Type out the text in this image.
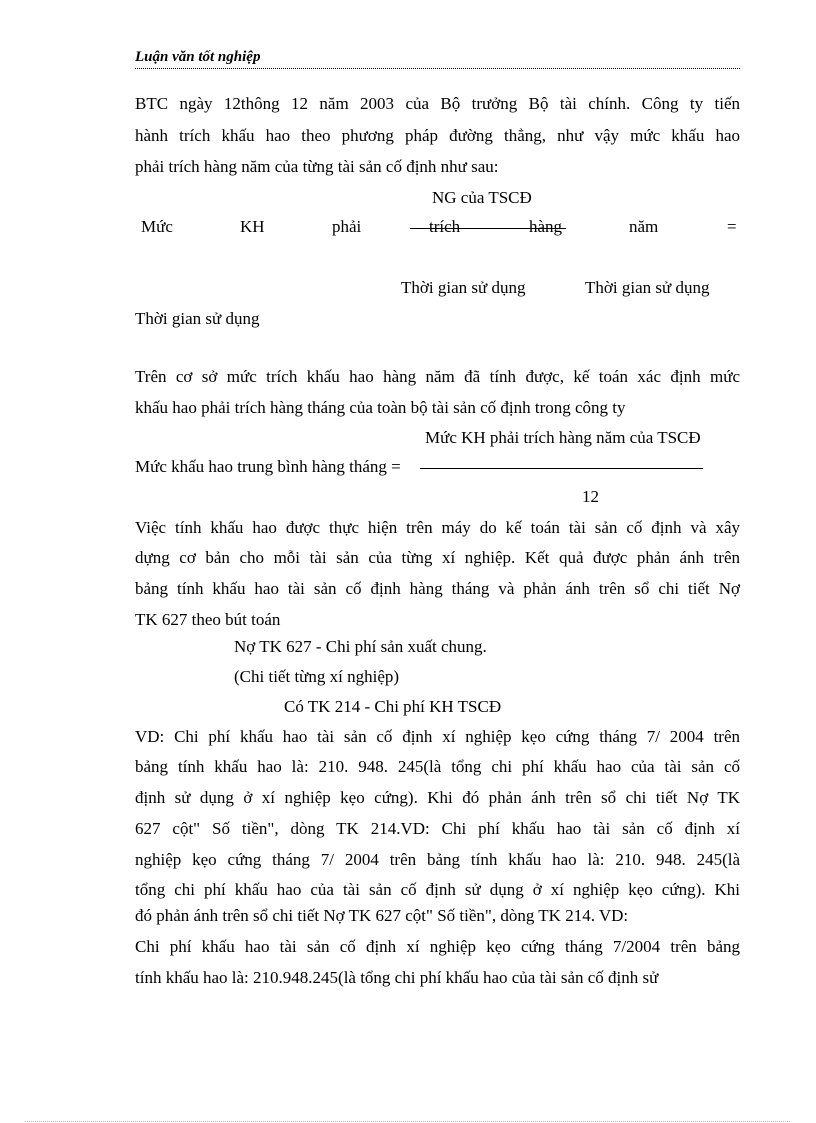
Luận văn tốt nghiệp
BTC ngày 12thông 12 năm 2003 của Bộ trưởng Bộ tài chính. Công ty tiến
hành trích khấu hao theo phương pháp đường thẳng, như vậy mức khấu hao
phải trích hàng năm của từng tài sản cố định như sau:
NG của TSCĐ
Mức	KH	phải	trích	hàng	năm	=
Thời gian sử dụng	Thời gian sử dụng
Thời gian sử dụng
Trên cơ sở mức trích khấu hao hàng năm đã tính được, kế toán xác định mức
khấu hao phải trích hàng tháng của toàn bộ tài sản cố định trong công ty
Mức KH phải trích hàng năm của TSCĐ
Mức khấu hao trung bình hàng tháng =
12
Việc tính khấu hao được thực hiện trên máy do kế toán tài sản cố định và xây
dựng cơ bản cho mỗi tài sản của từng xí nghiệp. Kết quả được phản ánh trên
bảng tính khấu hao tài sản cố định hàng tháng và phản ánh trên sổ chi tiết Nợ
TK 627 theo bút toán
Nợ TK 627 - Chi phí sản xuất chung.
(Chi tiết từng xí nghiệp)
Có TK 214 - Chi phí KH TSCĐ
VD: Chi phí khấu hao tài sản cố định xí nghiệp kẹo cứng tháng 7/ 2004 trên
bảng tính khấu hao là: 210. 948. 245(là tổng chi phí khấu hao của tài sản cố
định sử dụng ở xí nghiệp kẹo cứng). Khi đó phản ánh trên sổ chi tiết Nợ TK
627 cột" Số tiền", dòng TK 214.VD: Chi phí khấu hao tài sản cố định xí
nghiệp kẹo cứng tháng 7/ 2004 trên bảng tính khấu hao là: 210. 948. 245(là
tổng chi phí khấu hao của tài sản cố định sử dụng ở xí nghiệp kẹo cứng). Khi
đó phản ánh trên sổ chi tiết Nợ TK 627 cột" Số tiền", dòng TK 214. VD:
Chi phí khấu hao tài sản cố định xí nghiệp kẹo cứng tháng 7/2004 trên bảng
tính khấu hao là: 210.948.245(là tổng chi phí khấu hao của tài sản cố định sử
